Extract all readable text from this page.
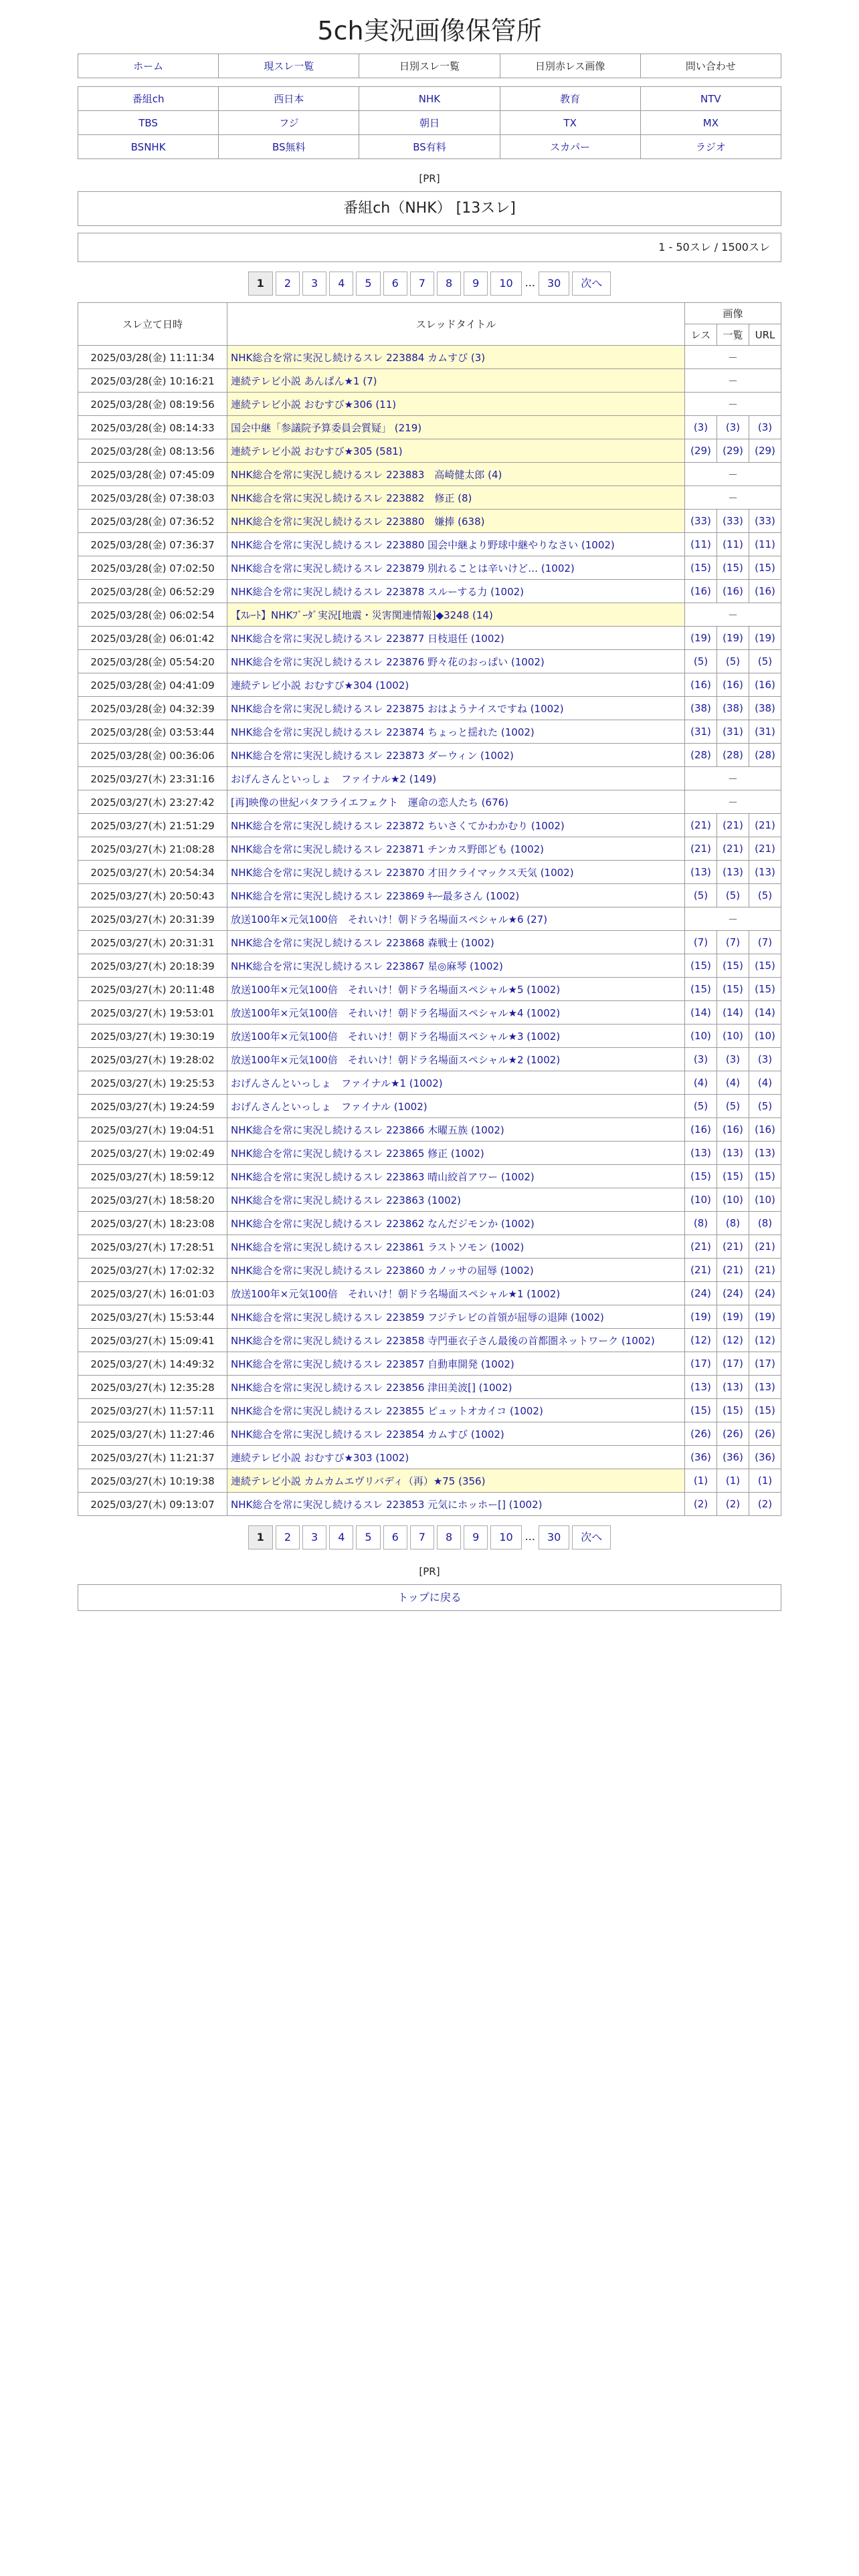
5ch実況画像保管所
ホーム	現スレ一覧	日別スレ一覧	日別赤レス画像	問い合わせ
番組ch	西日本	NHK	教育	NTV
TBS	フジ	朝日	TX	MX
BSNHK	BS無料	BS有料	スカパー	ラジオ
[PR]
番組ch（NHK） [13スレ]
1 - 50スレ / 1500スレ
1 2 3 4 5 6 7 8 9 10 ... 30 次へ
スレ立て日時	スレッドタイトル	画像		
		レス	一覧	URL
2025/03/28(金) 11:11:34	NHK総合を常に実況し続けるスレ 223884 カムすび (3)	－		
2025/03/28(金) 10:16:21	連続テレビ小説 あんぱん★1 (7)	－		
2025/03/28(金) 08:19:56	連続テレビ小説 おむすび★306 (11)	－		
2025/03/28(金) 08:14:33	国会中継「参議院予算委員会質疑」 (219)	(3)	(3)	(3)
2025/03/28(金) 08:13:56	連続テレビ小説 おむすび★305 (581)	(29)	(29)	(29)
2025/03/28(金) 07:45:09	NHK総合を常に実況し続けるスレ 223883　高崎健太郎 (4)	－		
2025/03/28(金) 07:38:03	NHK総合を常に実況し続けるスレ 223882　修正 (8)	－		
2025/03/28(金) 07:36:52	NHK総合を常に実況し続けるスレ 223880　嫌捧 (638)	(33)	(33)	(33)
2025/03/28(金) 07:36:37	NHK総合を常に実況し続けるスレ 223880 国会中継より野球中継やりなさい (1002)	(11)	(11)	(11)
2025/03/28(金) 07:02:50	NHK総合を常に実況し続けるスレ 223879 別れることは辛いけど… (1002)	(15)	(15)	(15)
2025/03/28(金) 06:52:29	NHK総合を常に実況し続けるスレ 223878 スルーする力 (1002)	(16)	(16)	(16)
2025/03/28(金) 06:02:54	【ｽﾚｰﾄ】NHKﾌﾞｰﾀﾞ実況[地震・災害関連情報]◆3248 (14)	－		
2025/03/28(金) 06:01:42	NHK総合を常に実況し続けるスレ 223877 日枝退任 (1002)	(19)	(19)	(19)
2025/03/28(金) 05:54:20	NHK総合を常に実況し続けるスレ 223876 野々花のおっぱい (1002)	(5)	(5)	(5)
2025/03/28(金) 04:41:09	連続テレビ小説 おむすび★304 (1002)	(16)	(16)	(16)
2025/03/28(金) 04:32:39	NHK総合を常に実況し続けるスレ 223875 おはようナイスですね (1002)	(38)	(38)	(38)
2025/03/28(金) 03:53:44	NHK総合を常に実況し続けるスレ 223874 ちょっと揺れた (1002)	(31)	(31)	(31)
2025/03/28(金) 00:36:06	NHK総合を常に実況し続けるスレ 223873 ダーウィン (1002)	(28)	(28)	(28)
2025/03/27(木) 23:31:16	おげんさんといっしょ　ファイナル★2 (149)	－		
2025/03/27(木) 23:27:42	[再]映像の世紀バタフライエフェクト　運命の恋人たち (676)	－		
2025/03/27(木) 21:51:29	NHK総合を常に実況し続けるスレ 223872 ちいさくてかわかむり (1002)	(21)	(21)	(21)
2025/03/27(木) 21:08:28	NHK総合を常に実況し続けるスレ 223871 チンカス野郎ども (1002)	(21)	(21)	(21)
2025/03/27(木) 20:54:34	NHK総合を常に実況し続けるスレ 223870 才田クライマックス天気 (1002)	(13)	(13)	(13)
2025/03/27(木) 20:50:43	NHK総合を常に実況し続けるスレ 223869 ｷｰｰ最多さん (1002)	(5)	(5)	(5)
2025/03/27(木) 20:31:39	放送100年×元気100倍　それいけ！朝ドラ名場面スペシャル★6 (27)	－		
2025/03/27(木) 20:31:31	NHK総合を常に実況し続けるスレ 223868 森戦士 (1002)	(7)	(7)	(7)
2025/03/27(木) 20:18:39	NHK総合を常に実況し続けるスレ 223867 星◎麻琴 (1002)	(15)	(15)	(15)
2025/03/27(木) 20:11:48	放送100年×元気100倍　それいけ！朝ドラ名場面スペシャル★5 (1002)	(15)	(15)	(15)
2025/03/27(木) 19:53:01	放送100年×元気100倍　それいけ！朝ドラ名場面スペシャル★4 (1002)	(14)	(14)	(14)
2025/03/27(木) 19:30:19	放送100年×元気100倍　それいけ！朝ドラ名場面スペシャル★3 (1002)	(10)	(10)	(10)
2025/03/27(木) 19:28:02	放送100年×元気100倍　それいけ！朝ドラ名場面スペシャル★2 (1002)	(3)	(3)	(3)
2025/03/27(木) 19:25:53	おげんさんといっしょ　ファイナル★1 (1002)	(4)	(4)	(4)
2025/03/27(木) 19:24:59	おげんさんといっしょ　ファイナル (1002)	(5)	(5)	(5)
2025/03/27(木) 19:04:51	NHK総合を常に実況し続けるスレ 223866 木曜五族 (1002)	(16)	(16)	(16)
2025/03/27(木) 19:02:49	NHK総合を常に実況し続けるスレ 223865 修正 (1002)	(13)	(13)	(13)
2025/03/27(木) 18:59:12	NHK総合を常に実況し続けるスレ 223863 晴山絞首アワー (1002)	(15)	(15)	(15)
2025/03/27(木) 18:58:20	NHK総合を常に実況し続けるスレ 223863 (1002)	(10)	(10)	(10)
2025/03/27(木) 18:23:08	NHK総合を常に実況し続けるスレ 223862 なんだジモンか (1002)	(8)	(8)	(8)
2025/03/27(木) 17:28:51	NHK総合を常に実況し続けるスレ 223861 ラストソモン (1002)	(21)	(21)	(21)
2025/03/27(木) 17:02:32	NHK総合を常に実況し続けるスレ 223860 カノッサの屈辱 (1002)	(21)	(21)	(21)
2025/03/27(木) 16:01:03	放送100年×元気100倍　それいけ！朝ドラ名場面スペシャル★1 (1002)	(24)	(24)	(24)
2025/03/27(木) 15:53:44	NHK総合を常に実況し続けるスレ 223859 フジテレビの首領が屈辱の退陣 (1002)	(19)	(19)	(19)
2025/03/27(木) 15:09:41	NHK総合を常に実況し続けるスレ 223858 寺門亜衣子さん最後の首都圏ネットワーク (1002)	(12)	(12)	(12)
2025/03/27(木) 14:49:32	NHK総合を常に実況し続けるスレ 223857 自動車開発 (1002)	(17)	(17)	(17)
2025/03/27(木) 12:35:28	NHK総合を常に実況し続けるスレ 223856 津田美波[] (1002)	(13)	(13)	(13)
2025/03/27(木) 11:57:11	NHK総合を常に実況し続けるスレ 223855 ピュットオカイコ (1002)	(15)	(15)	(15)
2025/03/27(木) 11:27:46	NHK総合を常に実況し続けるスレ 223854 カムすび (1002)	(26)	(26)	(26)
2025/03/27(木) 11:21:37	連続テレビ小説 おむすび★303 (1002)	(36)	(36)	(36)
2025/03/27(木) 10:19:38	連続テレビ小説 カムカムエヴリバディ（再）★75 (356)	(1)	(1)	(1)
2025/03/27(木) 09:13:07	NHK総合を常に実況し続けるスレ 223853 元気にホッホー[] (1002)	(2)	(2)	(2)
1 2 3 4 5 6 7 8 9 10 ... 30 次へ
[PR]
トップに戻る
